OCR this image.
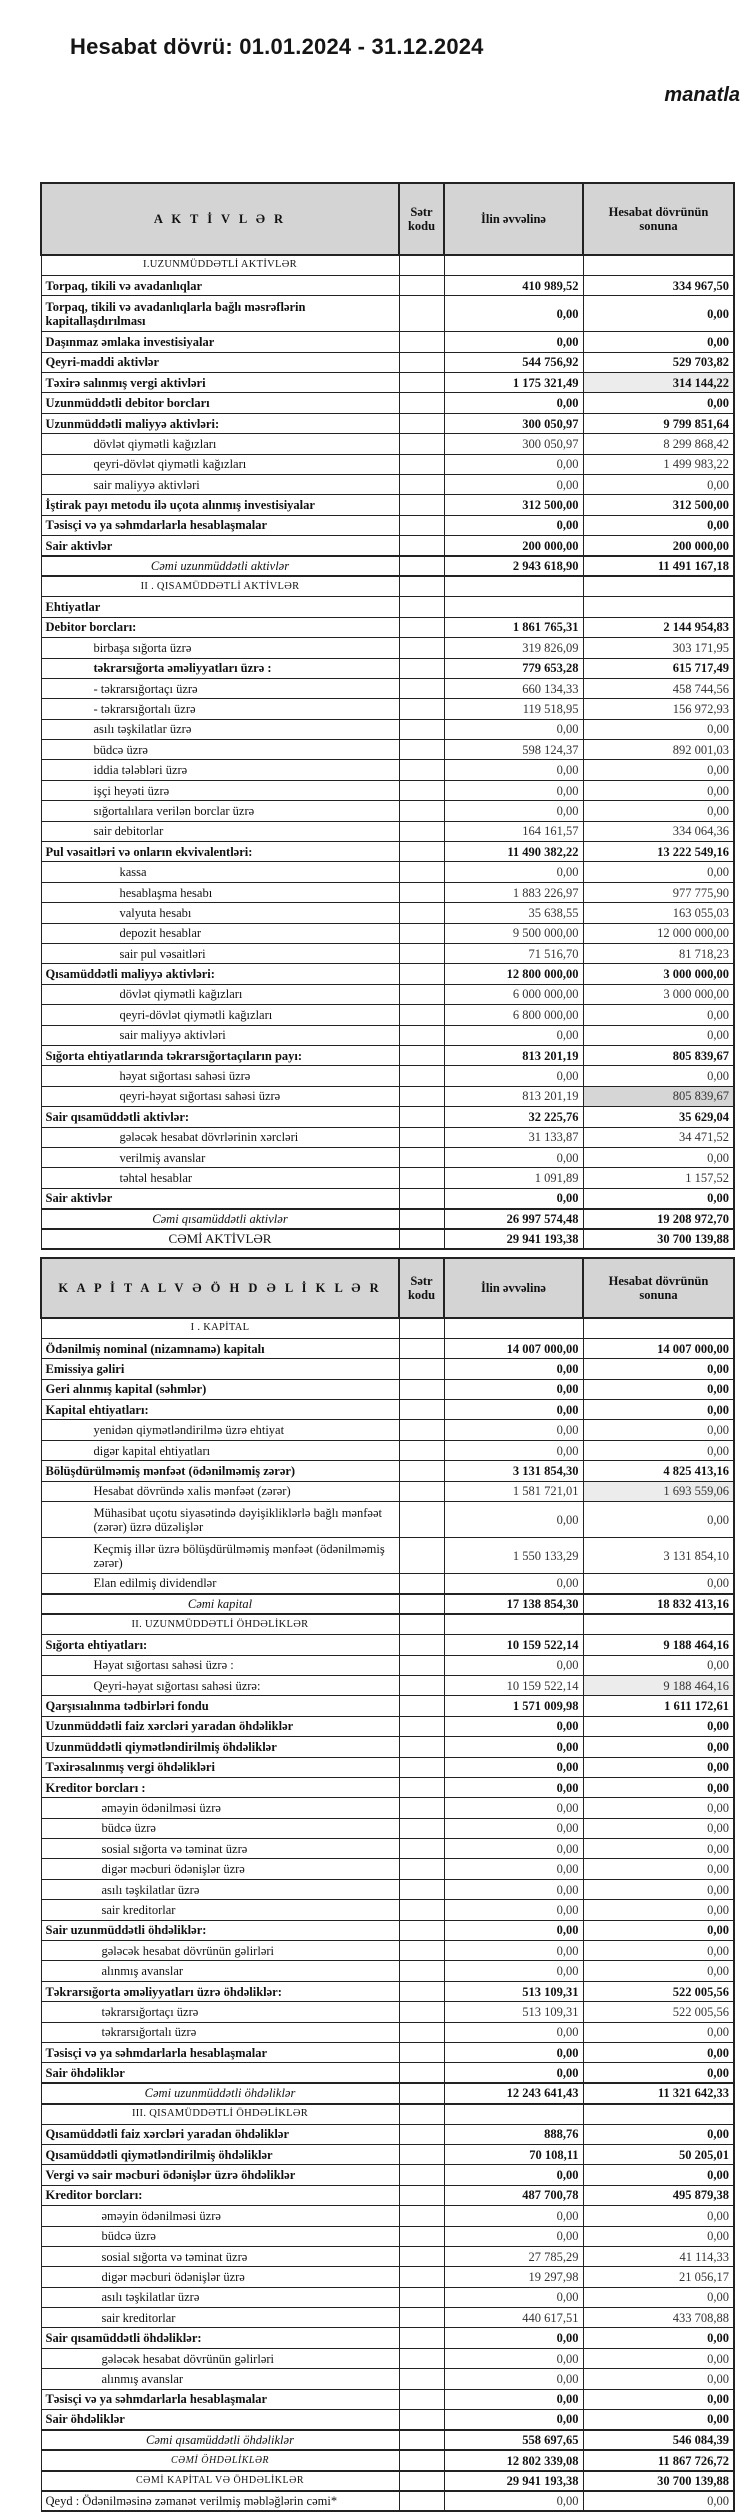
Hesabat dövrü: 01.01.2024 - 31.12.2024
manatla
A K T İ V L Ə R	Sətr kodu	İlin əvvəlinə	Hesabat dövrünün sonuna
I.UZUNMÜDDƏTLİ AKTİVLƏR			
Torpaq, tikili və avadanlıqlar		410 989,52	334 967,50
Torpaq, tikili və avadanlıqlarla bağlı məsrəflərin kapitallaşdırılması		0,00	0,00
Daşınmaz əmlaka investisiyalar		0,00	0,00
Qeyri-maddi aktivlər		544 756,92	529 703,82
Təxirə salınmış vergi aktivləri		1 175 321,49	314 144,22
Uzunmüddətli debitor borcları		0,00	0,00
Uzunmüddətli maliyyə aktivləri:		300 050,97	9 799 851,64
dövlət qiymətli kağızları		300 050,97	8 299 868,42
qeyri-dövlət qiymətli kağızları		0,00	1 499 983,22
sair maliyyə aktivləri		0,00	0,00
İştirak payı metodu ilə uçota alınmış investisiyalar		312 500,00	312 500,00
Təsisçi və ya səhmdarlarla hesablaşmalar		0,00	0,00
Sair aktivlər		200 000,00	200 000,00
Cəmi uzunmüddətli aktivlər		2 943 618,90	11 491 167,18
II . QISAMÜDDƏTLİ AKTİVLƏR			
Ehtiyatlar			
Debitor borcları:		1 861 765,31	2 144 954,83
birbaşa sığorta üzrə		319 826,09	303 171,95
təkrarsığorta əməliyyatları üzrə :		779 653,28	615 717,49
- təkrarsığortaçı üzrə		660 134,33	458 744,56
- təkrarsığortalı üzrə		119 518,95	156 972,93
asılı təşkilatlar üzrə		0,00	0,00
büdcə üzrə		598 124,37	892 001,03
iddia tələbləri üzrə		0,00	0,00
işçi heyəti üzrə		0,00	0,00
sığortalılara verilən borclar üzrə		0,00	0,00
sair debitorlar		164 161,57	334 064,36
Pul vəsaitləri və onların ekvivalentləri:		11 490 382,22	13 222 549,16
kassa		0,00	0,00
hesablaşma hesabı		1 883 226,97	977 775,90
valyuta hesabı		35 638,55	163 055,03
depozit hesablar		9 500 000,00	12 000 000,00
sair pul vəsaitləri		71 516,70	81 718,23
Qısamüddətli maliyyə aktivləri:		12 800 000,00	3 000 000,00
dövlət qiymətli kağızları		6 000 000,00	3 000 000,00
qeyri-dövlət qiymətli kağızları		6 800 000,00	0,00
sair maliyyə aktivləri		0,00	0,00
Sığorta ehtiyatlarında təkrarsığortaçıların payı:		813 201,19	805 839,67
həyat sığortası sahəsi üzrə		0,00	0,00
qeyri-həyat sığortası sahəsi üzrə		813 201,19	805 839,67
Sair qısamüddətli aktivlər:		32 225,76	35 629,04
gələcək hesabat dövrlərinin xərcləri		31 133,87	34 471,52
verilmiş avanslar		0,00	0,00
təhtəl hesablar		1 091,89	1 157,52
Sair aktivlər		0,00	0,00
Cəmi qısamüddətli aktivlər		26 997 574,48	19 208 972,70
CƏMİ AKTİVLƏR		29 941 193,38	30 700 139,88
K A P İ T A L V Ə Ö H D Ə L İ K L Ə R	Sətr kodu	İlin əvvəlinə	Hesabat dövrünün sonuna
I . KAPİTAL			
Ödənilmiş nominal (nizamnamə) kapitalı		14 007 000,00	14 007 000,00
Emissiya gəliri		0,00	0,00
Geri alınmış kapital (səhmlər)		0,00	0,00
Kapital ehtiyatları:		0,00	0,00
yenidən qiymətləndirilmə üzrə ehtiyat		0,00	0,00
digər kapital ehtiyatları		0,00	0,00
Bölüşdürülməmiş mənfəət (ödənilməmiş zərər)		3 131 854,30	4 825 413,16
Hesabat dövründə xalis mənfəət (zərər)		1 581 721,01	1 693 559,06
Mühasibat uçotu siyasətində dəyişikliklərlə bağlı mənfəət (zərər) üzrə düzəlişlər		0,00	0,00
Keçmiş illər üzrə bölüşdürülməmiş mənfəət (ödənilməmiş zərər)		1 550 133,29	3 131 854,10
Elan edilmiş dividendlər		0,00	0,00
Cəmi kapital		17 138 854,30	18 832 413,16
II. UZUNMÜDDƏTLİ ÖHDƏLİKLƏR			
Sığorta ehtiyatları:		10 159 522,14	9 188 464,16
Həyat sığortası sahəsi üzrə :		0,00	0,00
Qeyri-həyat sığortası sahəsi üzrə:		10 159 522,14	9 188 464,16
Qarşısıalınma tədbirləri fondu		1 571 009,98	1 611 172,61
Uzunmüddətli faiz xərcləri yaradan öhdəliklər		0,00	0,00
Uzunmüddətli qiymətləndirilmiş öhdəliklər		0,00	0,00
Təxirəsalınmış vergi öhdəlikləri		0,00	0,00
Kreditor borcları :		0,00	0,00
əməyin ödənilməsi üzrə		0,00	0,00
büdcə üzrə		0,00	0,00
sosial sığorta və təminat üzrə		0,00	0,00
digər məcburi ödənişlər üzrə		0,00	0,00
asılı təşkilatlar üzrə		0,00	0,00
sair kreditorlar		0,00	0,00
Sair uzunmüddətli öhdəliklər:		0,00	0,00
gələcək hesabat dövrünün gəlirləri		0,00	0,00
alınmış avanslar		0,00	0,00
Təkrarsığorta əməliyyatları üzrə öhdəliklər:		513 109,31	522 005,56
təkrarsığortaçı üzrə		513 109,31	522 005,56
təkrarsığortalı üzrə		0,00	0,00
Təsisçi və ya səhmdarlarla hesablaşmalar		0,00	0,00
Sair öhdəliklər		0,00	0,00
Cəmi uzunmüddətli öhdəliklər		12 243 641,43	11 321 642,33
III. QISAMÜDDƏTLİ ÖHDƏLİKLƏR			
Qısamüddətli faiz xərcləri yaradan öhdəliklər		888,76	0,00
Qısamüddətli qiymətləndirilmiş öhdəliklər		70 108,11	50 205,01
Vergi və sair məcburi ödənişlər üzrə öhdəliklər		0,00	0,00
Kreditor borcları:		487 700,78	495 879,38
əməyin ödənilməsi üzrə		0,00	0,00
büdcə üzrə		0,00	0,00
sosial sığorta və təminat üzrə		27 785,29	41 114,33
digər məcburi ödənişlər üzrə		19 297,98	21 056,17
asılı təşkilatlar üzrə		0,00	0,00
sair kreditorlar		440 617,51	433 708,88
Sair qısamüddətli öhdəliklər:		0,00	0,00
gələcək hesabat dövrünün gəlirləri		0,00	0,00
alınmış avanslar		0,00	0,00
Təsisçi və ya səhmdarlarla hesablaşmalar		0,00	0,00
Sair öhdəliklər		0,00	0,00
Cəmi qısamüddətli öhdəliklər		558 697,65	546 084,39
CƏMİ ÖHDƏLİKLƏR		12 802 339,08	11 867 726,72
CƏMİ KAPİTAL VƏ ÖHDƏLİKLƏR		29 941 193,38	30 700 139,88
Qeyd : Ödənilməsinə zəmanət verilmiş məbləğlərin cəmi*		0,00	0,00
